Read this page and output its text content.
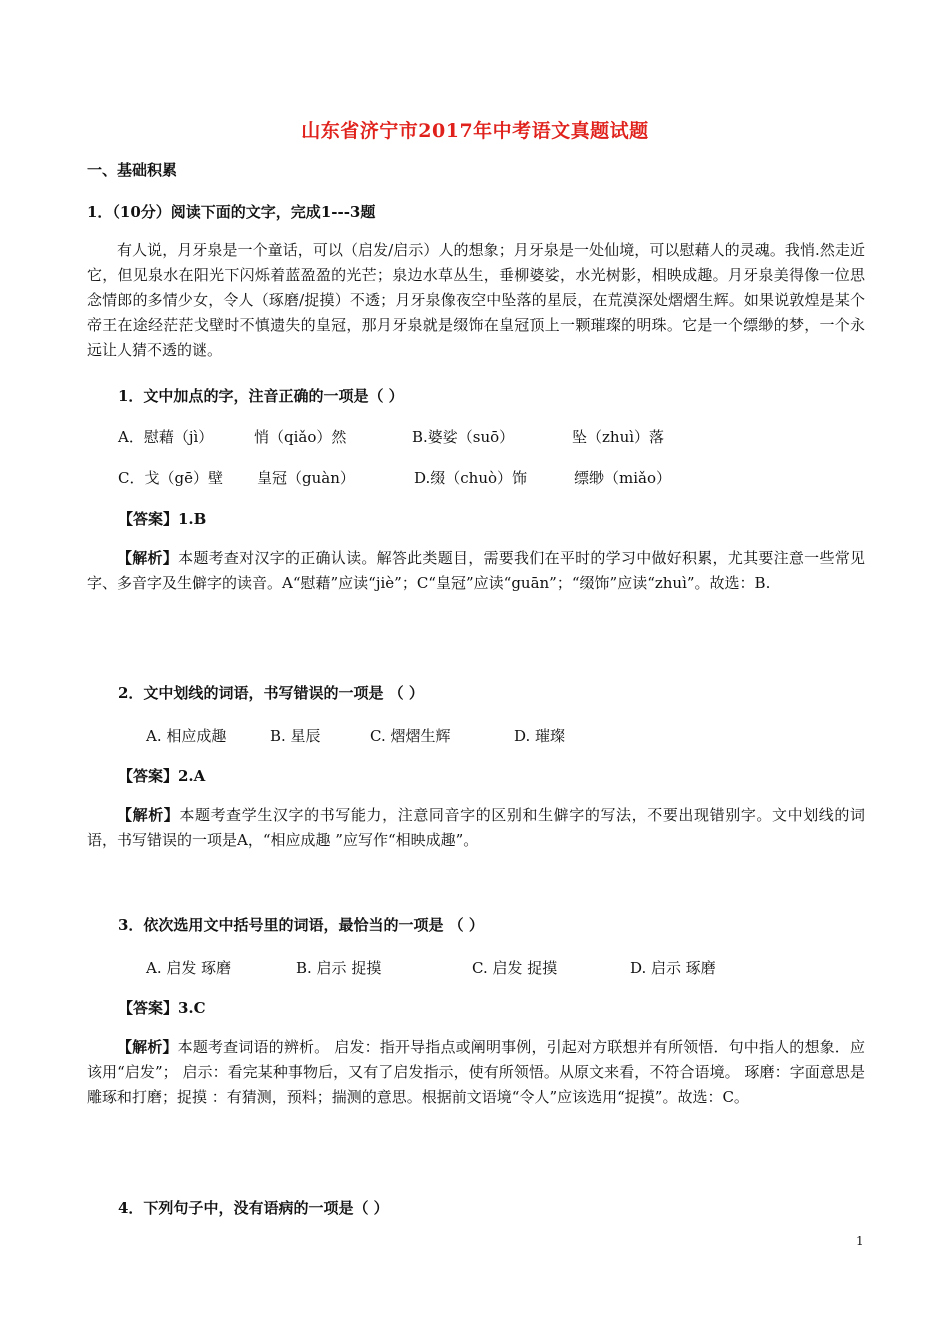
山东省济宁市2017年中考语文真题试题
一、基础积累
1．（10分）阅读下面的文字，完成1---3题
有人说，月牙泉是一个童话，可以（启发/启示）人的想象；月牙泉是一处仙境，可以慰藉人的灵魂。我悄.然走近它，但见泉水在阳光下闪烁着蓝盈盈的光芒；泉边水草丛生，垂柳婆娑，水光树影，相映成趣。月牙泉美得像一位思念情郎的多情少女，令人（琢磨/捉摸）不透；月牙泉像夜空中坠落的星辰，在荒漠深处熠熠生辉。如果说敦煌是某个帝王在途经茫茫戈壁时不慎遗失的皇冠，那月牙泉就是缀饰在皇冠顶上一颗璀璨的明珠。它是一个缥缈的梦，一个永远让人猜不透的谜。
1．文中加点的字，注音正确的一项是（ ）
A．慰藉（jì）	悄（qiǎo）然	B.婆娑（suō）	坠（zhuì）落
C．戈（gē）壁 皇冠（guàn）	D.缀（chuò）饰	缥缈（miǎo）
【答案】1.B
【解析】本题考查对汉字的正确认读。解答此类题目，需要我们在平时的学习中做好积累，尤其要注意一些常见字、多音字及生僻字的读音。A“慰藉”应读“jiè”；C“皇冠”应读“guān”；“缀饰”应读“zhuì”。故选：B.
2．文中划线的词语，书写错误的一项是 （ ）
A. 相应成趣	B. 星辰	C. 熠熠生辉	D. 璀璨
【答案】2.A
【解析】本题考查学生汉字的书写能力，注意同音字的区别和生僻字的写法，不要出现错别字。文中划线的词语，书写错误的一项是A，“相应成趣 ”应写作“相映成趣”。
3．依次选用文中括号里的词语，最恰当的一项是 （ ）
A. 启发 琢磨	B. 启示 捉摸	C. 启发 捉摸	D. 启示 琢磨
【答案】3.C
【解析】本题考查词语的辨析。 启发：指开导指点或阐明事例，引起对方联想并有所领悟．句中指人的想象．应该用“启发”； 启示：看完某种事物后，又有了启发指示，使有所领悟。从原文来看，不符合语境。 琢磨：字面意思是雕琢和打磨；捉摸 ：有猜测，预料；揣测的意思。根据前文语境“令人”应该选用“捉摸”。故选：C。
4．下列句子中，没有语病的一项是（ ）
1
